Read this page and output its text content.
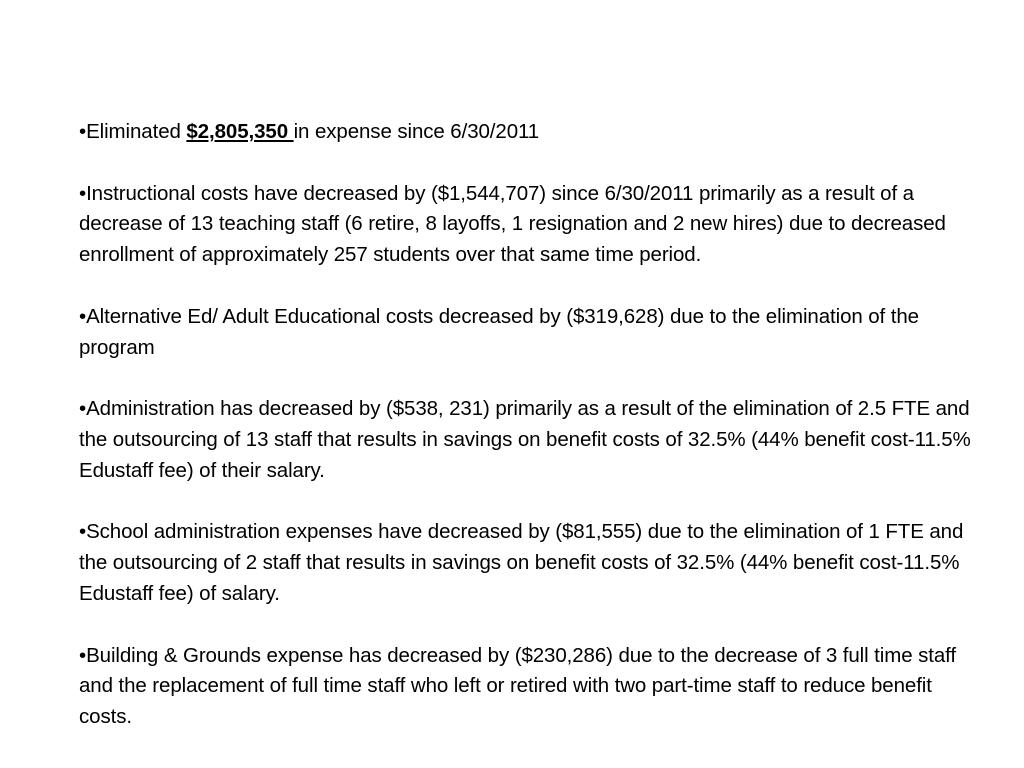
•Eliminated $2,805,350 in expense since 6/30/2011

•Instructional costs have decreased by ($1,544,707) since 6/30/2011 primarily as a result of a decrease of 13 teaching staff (6 retire, 8 layoffs, 1 resignation and 2 new hires) due to decreased enrollment of approximately 257 students over that same time period.

•Alternative Ed/ Adult Educational costs decreased by ($319,628) due to the elimination of the program

•Administration has decreased by ($538, 231) primarily as a result of the elimination of 2.5 FTE and the outsourcing of 13 staff that results in savings on benefit costs of 32.5% (44% benefit cost-11.5% Edustaff fee) of their salary.

•School administration expenses have decreased by ($81,555) due to the elimination of 1 FTE and the outsourcing of 2 staff that results in savings on benefit costs of 32.5% (44% benefit cost-11.5% Edustaff fee) of salary.

•Building & Grounds expense has decreased by ($230,286) due to the decrease of 3 full time staff and the replacement of full time staff who left or retired with two part-time staff to reduce benefit costs.
